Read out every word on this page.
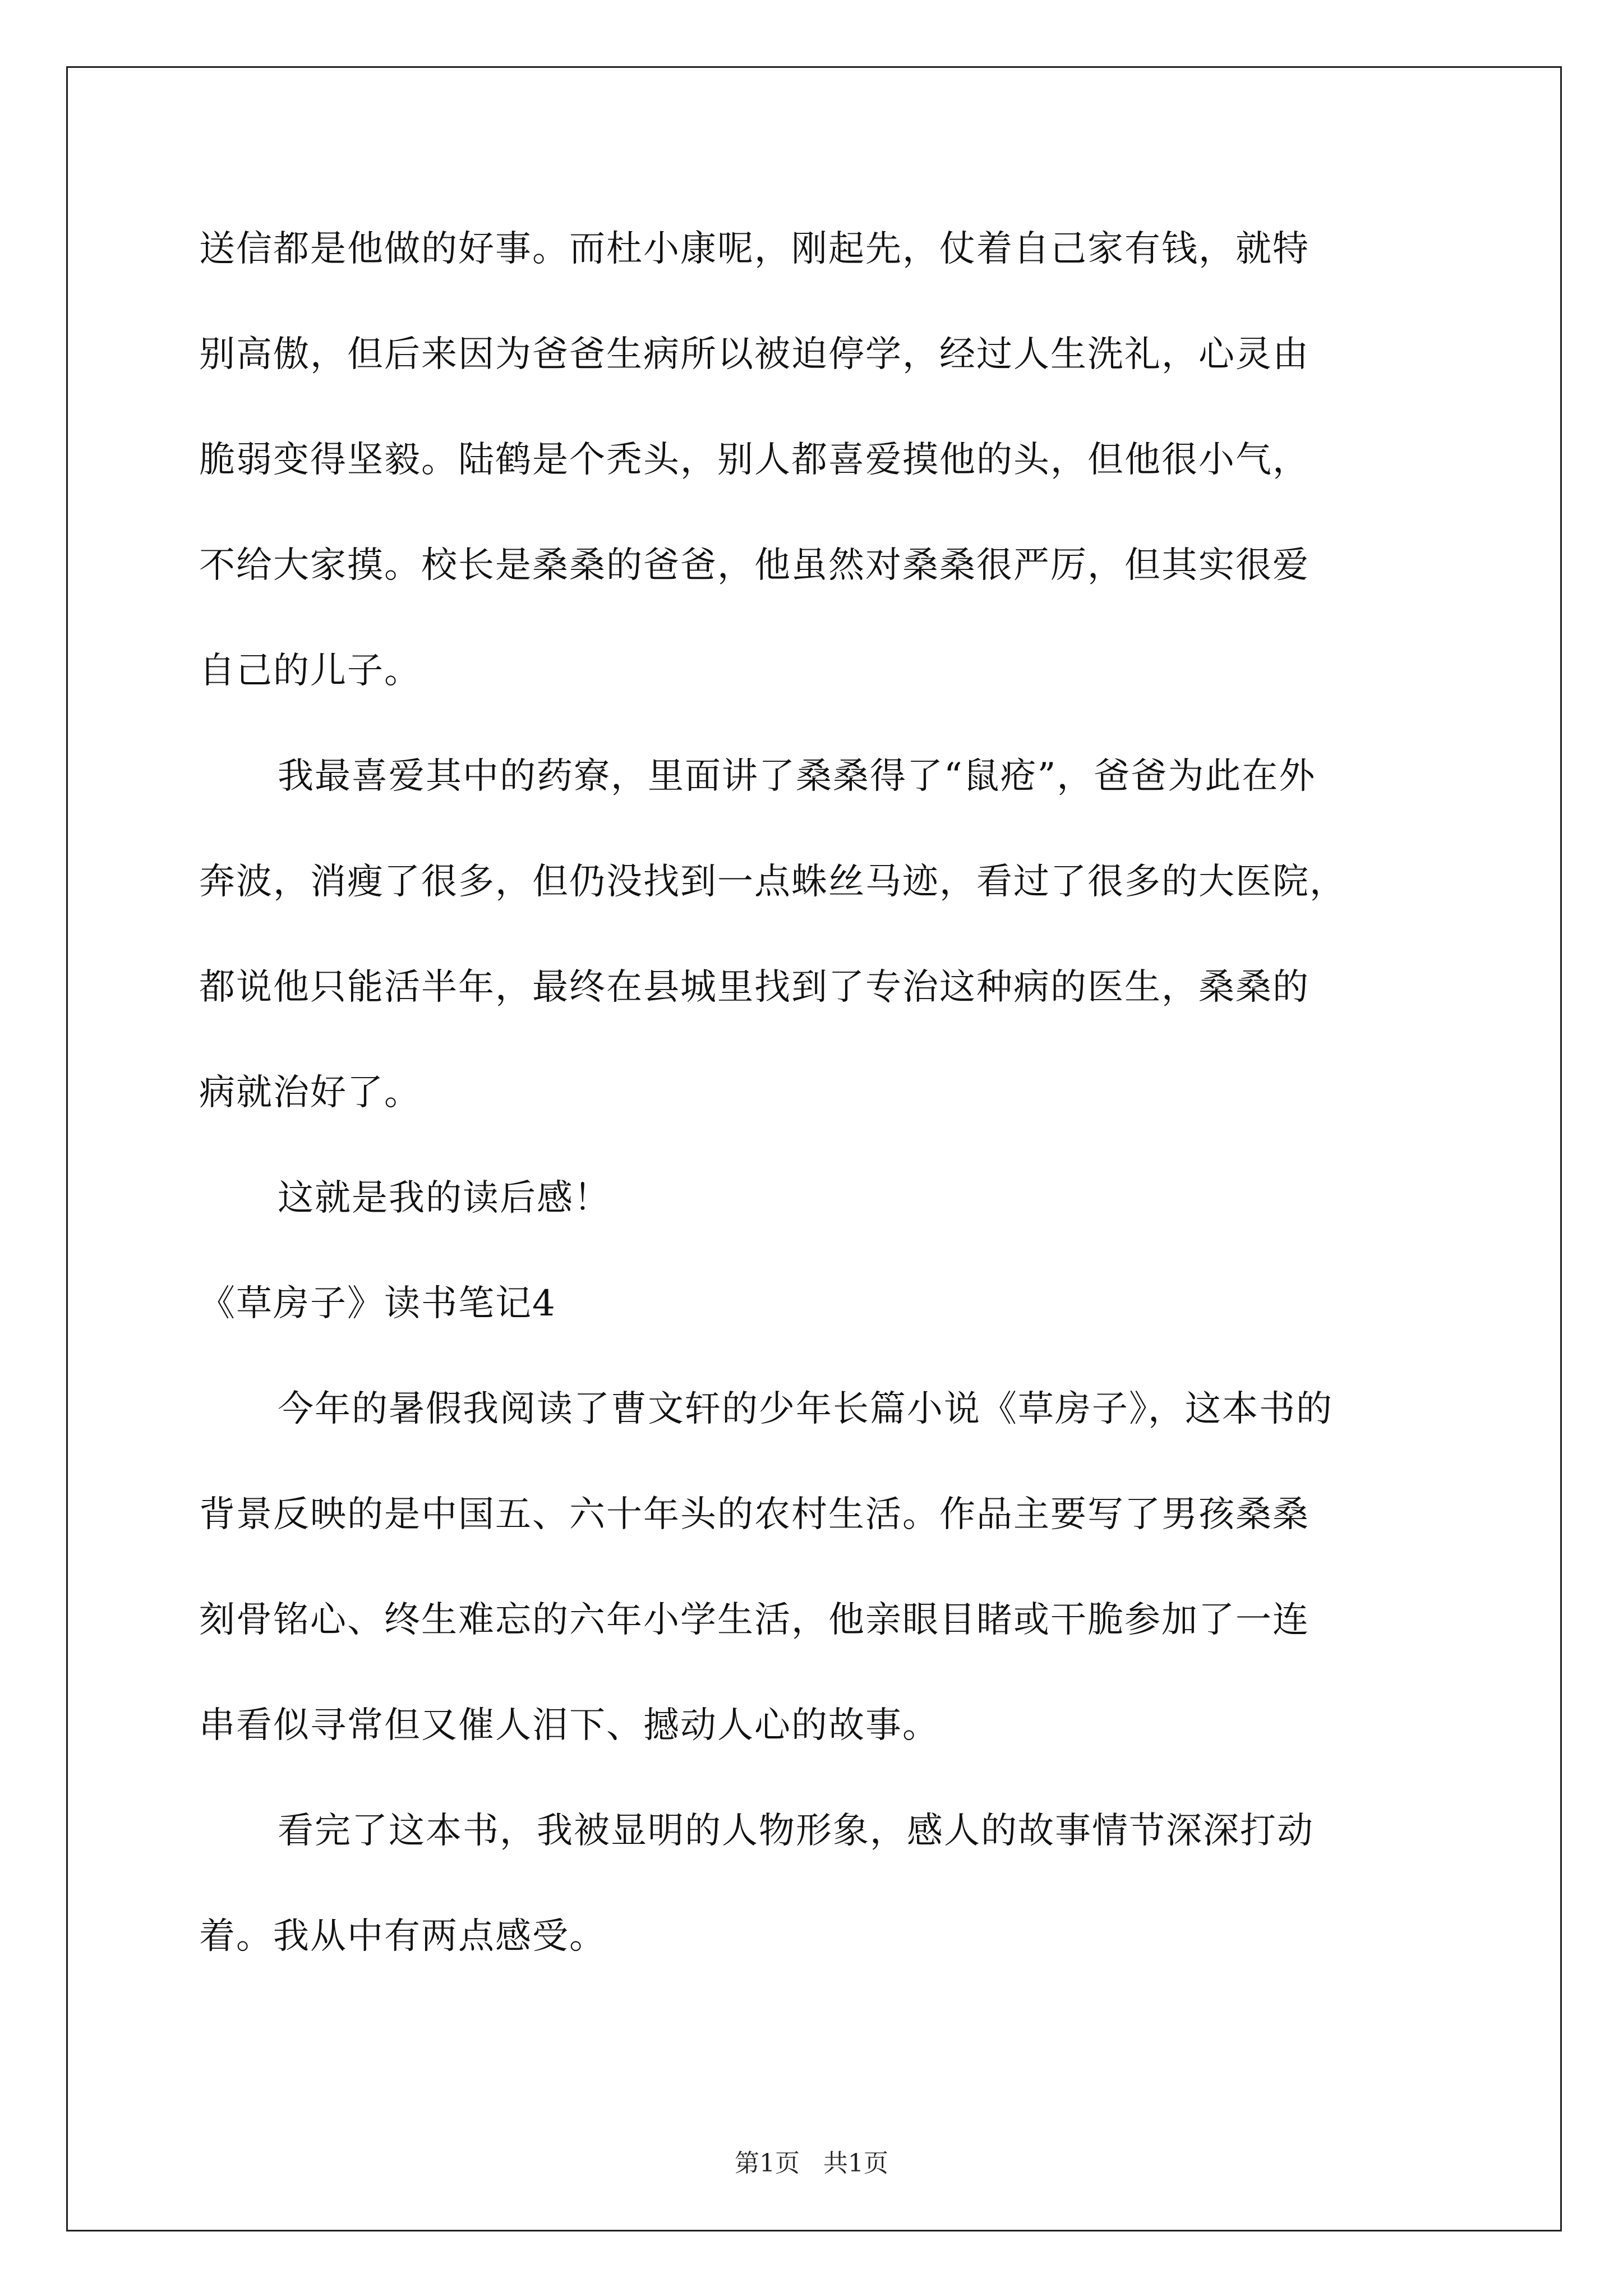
送信都是他做的好事。而杜小康呢，刚起先，仗着自己家有钱，就特
别高傲，但后来因为爸爸生病所以被迫停学，经过人生洗礼，心灵由
脆弱变得坚毅。陆鹤是个秃头，别人都喜爱摸他的头，但他很小气，
不给大家摸。校长是桑桑的爸爸，他虽然对桑桑很严厉，但其实很爱
自己的儿子。
我最喜爱其中的药寮，里面讲了桑桑得了“鼠疮”，爸爸为此在外
奔波，消瘦了很多，但仍没找到一点蛛丝马迹，看过了很多的大医院，
都说他只能活半年，最终在县城里找到了专治这种病的医生，桑桑的
病就治好了。
这就是我的读后感！
《草房子》读书笔记4
今年的暑假我阅读了曹文轩的少年长篇小说《草房子》，这本书的
背景反映的是中国五、六十年头的农村生活。作品主要写了男孩桑桑
刻骨铭心、终生难忘的六年小学生活，他亲眼目睹或干脆参加了一连
串看似寻常但又催人泪下、撼动人心的故事。
看完了这本书，我被显明的人物形象，感人的故事情节深深打动
着。我从中有两点感受。
第1页   共1页
